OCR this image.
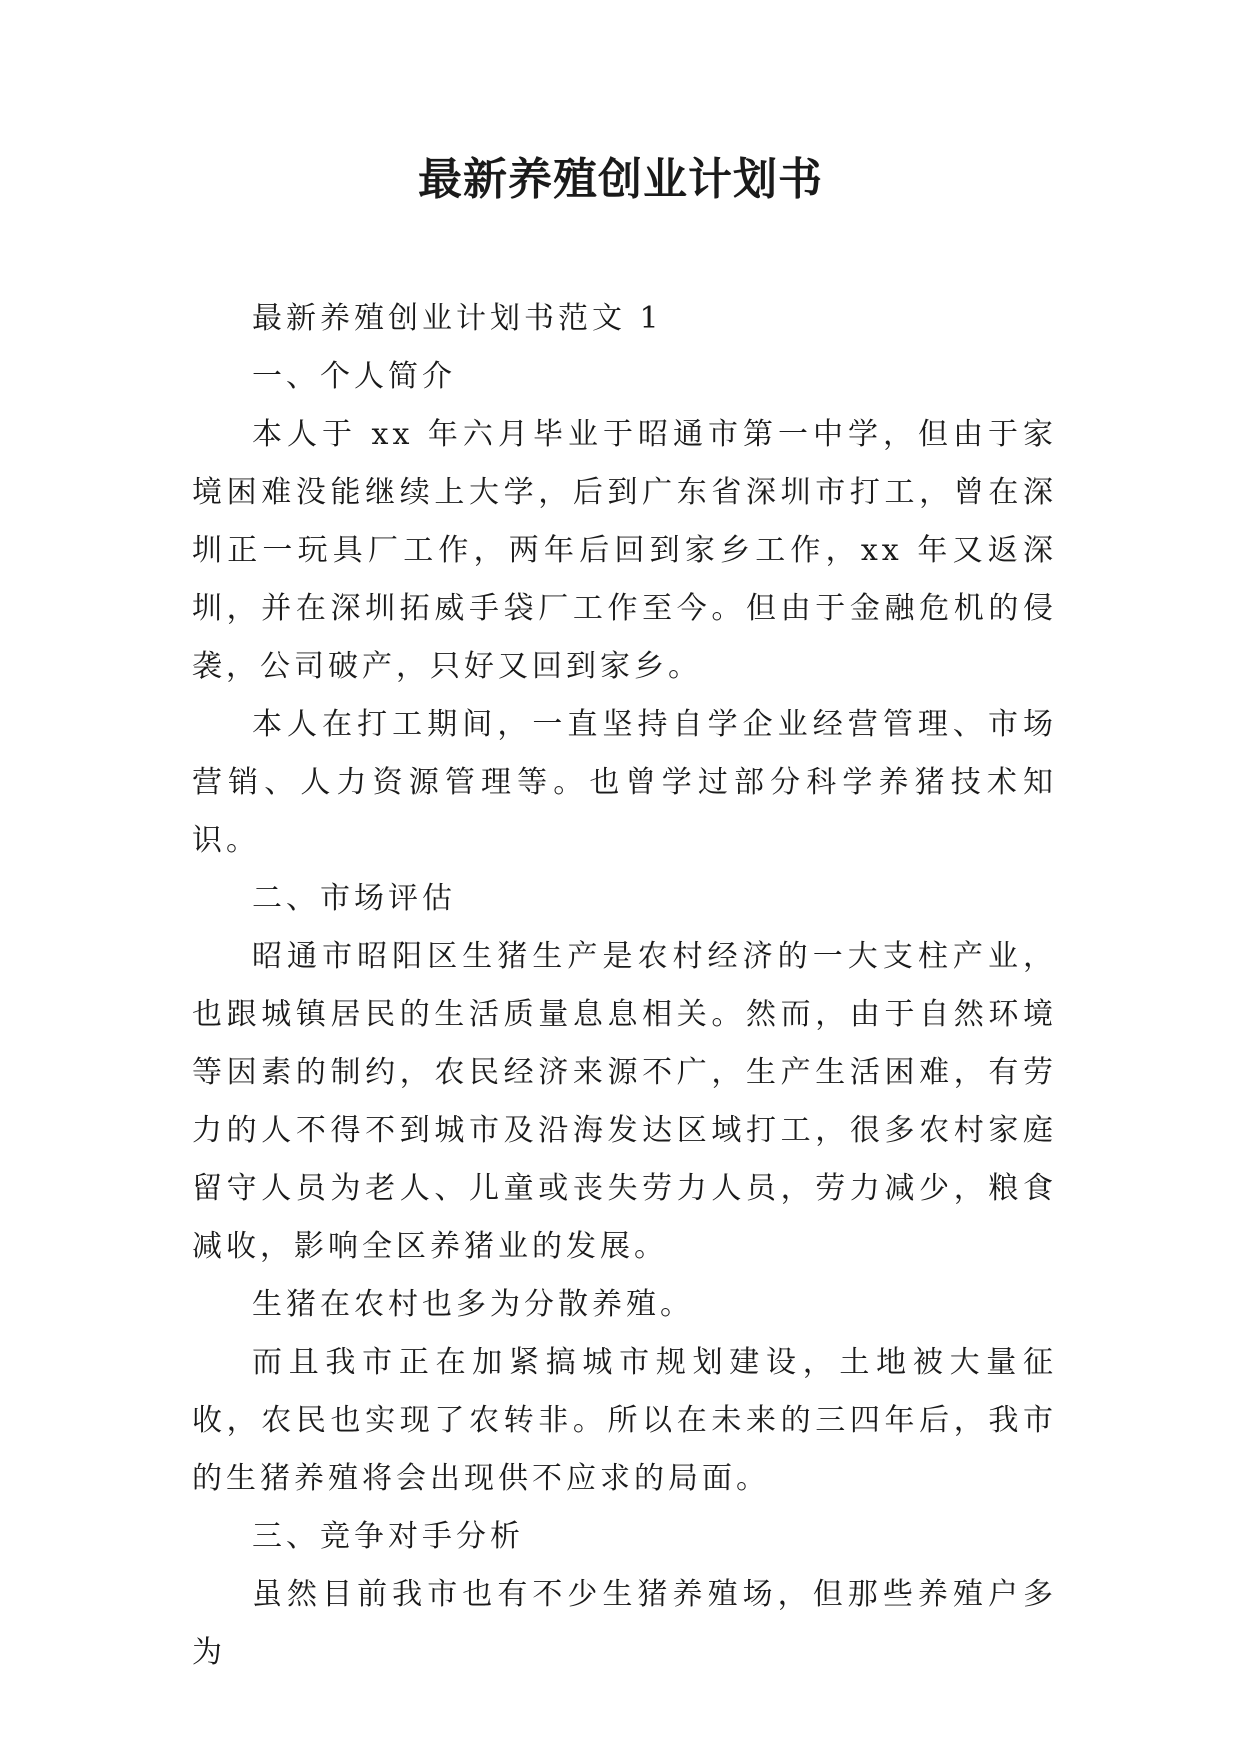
最新养殖创业计划书

最新养殖创业计划书范文 1

一、个人简介

本人于 xx 年六月毕业于昭通市第一中学，但由于家境困难没能继续上大学，后到广东省深圳市打工，曾在深圳正一玩具厂工作，两年后回到家乡工作，xx 年又返深圳，并在深圳拓威手袋厂工作至今。但由于金融危机的侵袭，公司破产，只好又回到家乡。

本人在打工期间，一直坚持自学企业经营管理、市场营销、人力资源管理等。也曾学过部分科学养猪技术知识。

二、市场评估

昭通市昭阳区生猪生产是农村经济的一大支柱产业，也跟城镇居民的生活质量息息相关。然而，由于自然环境等因素的制约，农民经济来源不广，生产生活困难，有劳力的人不得不到城市及沿海发达区域打工，很多农村家庭留守人员为老人、儿童或丧失劳力人员，劳力减少，粮食减收，影响全区养猪业的发展。

生猪在农村也多为分散养殖。

而且我市正在加紧搞城市规划建设，土地被大量征收，农民也实现了农转非。所以在未来的三四年后，我市的生猪养殖将会出现供不应求的局面。

三、竞争对手分析

虽然目前我市也有不少生猪养殖场，但那些养殖户多为
